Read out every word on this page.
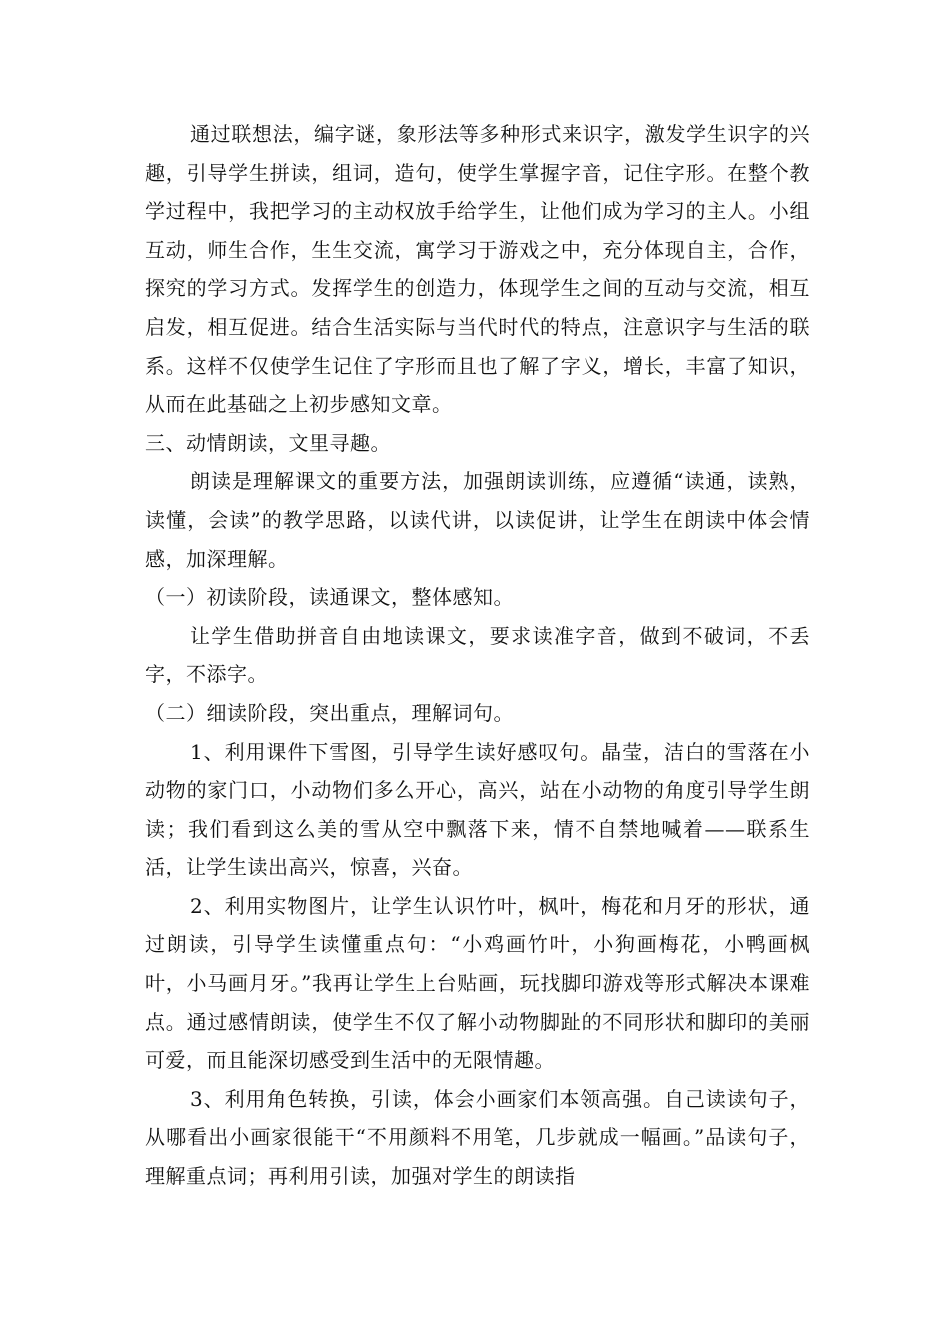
通过联想法，编字谜，象形法等多种形式来识字，激发学生识字的兴趣，引导学生拼读，组词，造句，使学生掌握字音，记住字形。在整个教学过程中，我把学习的主动权放手给学生，让他们成为学习的主人。小组互动，师生合作，生生交流，寓学习于游戏之中，充分体现自主，合作，探究的学习方式。发挥学生的创造力，体现学生之间的互动与交流，相互启发，相互促进。结合生活实际与当代时代的特点，注意识字与生活的联系。这样不仅使学生记住了字形而且也了解了字义，增长，丰富了知识，从而在此基础之上初步感知文章。

三、动情朗读，文里寻趣。

朗读是理解课文的重要方法，加强朗读训练，应遵循“读通，读熟，读懂，会读”的教学思路，以读代讲，以读促讲，让学生在朗读中体会情感，加深理解。

（一）初读阶段，读通课文，整体感知。

让学生借助拼音自由地读课文，要求读准字音，做到不破词，不丢字，不添字。

（二）细读阶段，突出重点，理解词句。

1、利用课件下雪图，引导学生读好感叹句。晶莹，洁白的雪落在小动物的家门口，小动物们多么开心，高兴，站在小动物的角度引导学生朗读；我们看到这么美的雪从空中飘落下来，情不自禁地喊着——联系生活，让学生读出高兴，惊喜，兴奋。

2、利用实物图片，让学生认识竹叶，枫叶，梅花和月牙的形状，通过朗读，引导学生读懂重点句：“小鸡画竹叶，小狗画梅花，小鸭画枫叶，小马画月牙。”我再让学生上台贴画，玩找脚印游戏等形式解决本课难点。通过感情朗读，使学生不仅了解小动物脚趾的不同形状和脚印的美丽可爱，而且能深切感受到生活中的无限情趣。

3、利用角色转换，引读，体会小画家们本领高强。自己读读句子，从哪看出小画家很能干“不用颜料不用笔，几步就成一幅画。”品读句子，理解重点词；再利用引读，加强对学生的朗读指
